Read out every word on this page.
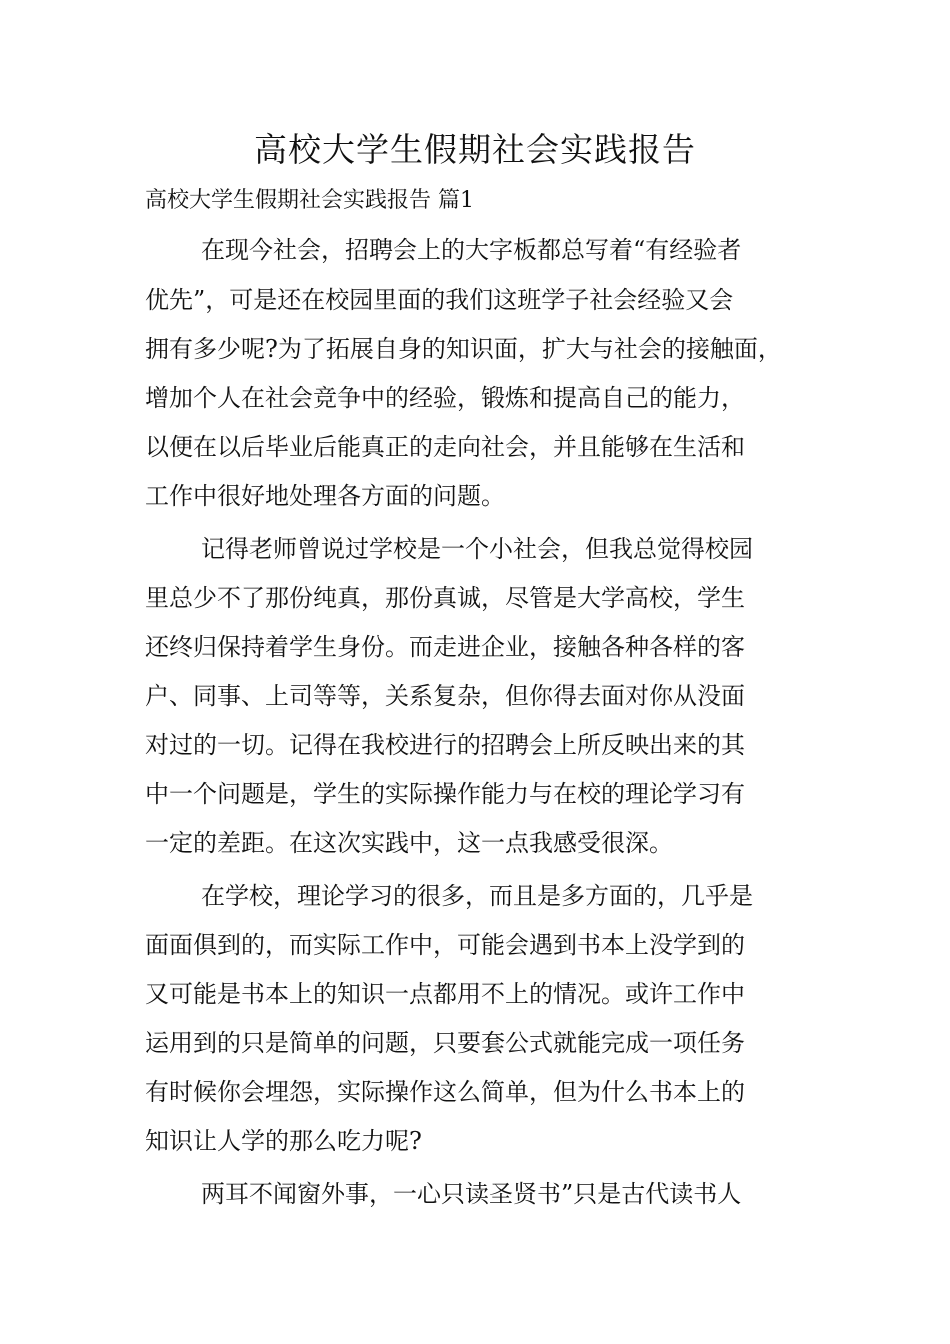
高校大学生假期社会实践报告

高校大学生假期社会实践报告 篇1

在现今社会，招聘会上的大字板都总写着“有经验者

优先”，可是还在校园里面的我们这班学子社会经验又会

拥有多少呢?为了拓展自身的知识面，扩大与社会的接触面，

增加个人在社会竞争中的经验，锻炼和提高自己的能力，

以便在以后毕业后能真正的走向社会，并且能够在生活和

工作中很好地处理各方面的问题。

记得老师曾说过学校是一个小社会，但我总觉得校园

里总少不了那份纯真，那份真诚，尽管是大学高校，学生

还终归保持着学生身份。而走进企业，接触各种各样的客

户、同事、上司等等，关系复杂，但你得去面对你从没面

对过的一切。记得在我校进行的招聘会上所反映出来的其

中一个问题是，学生的实际操作能力与在校的理论学习有

一定的差距。在这次实践中，这一点我感受很深。

在学校，理论学习的很多，而且是多方面的，几乎是

面面俱到的，而实际工作中，可能会遇到书本上没学到的

又可能是书本上的知识一点都用不上的情况。或许工作中

运用到的只是简单的问题，只要套公式就能完成一项任务

有时候你会埋怨，实际操作这么简单，但为什么书本上的

知识让人学的那么吃力呢?

两耳不闻窗外事，一心只读圣贤书”只是古代读书人
